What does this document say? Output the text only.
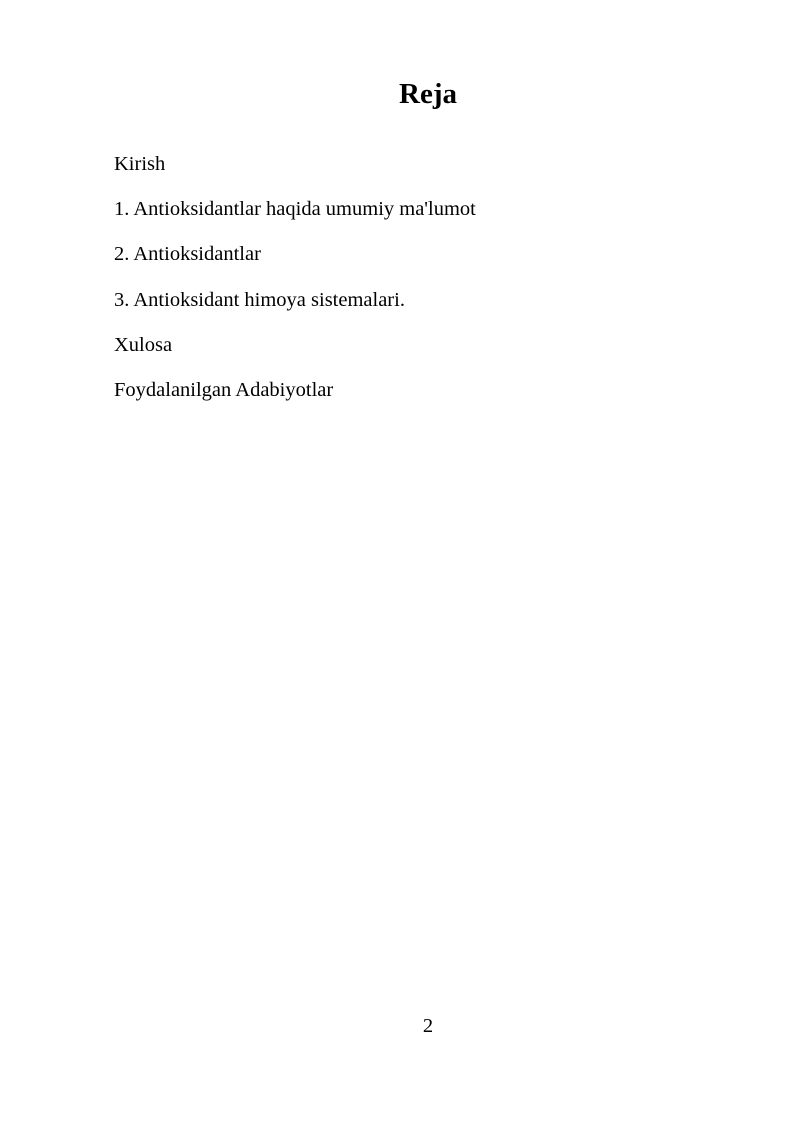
Reja
Kirish
1. Antioksidantlar haqida umumiy ma'lumot
2. Antioksidantlar
3. Antioksidant himoya sistemalari.
Xulosa
Foydalanilgan Adabiyotlar
2
